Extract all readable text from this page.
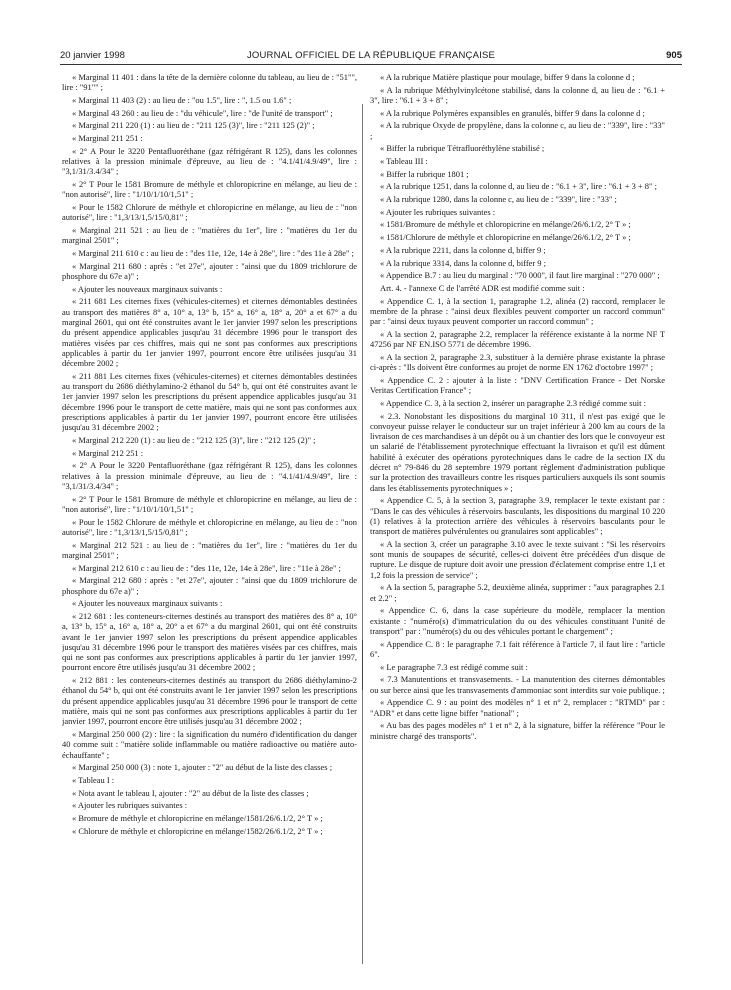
20 janvier 1998	JOURNAL OFFICIEL DE LA RÉPUBLIQUE FRANÇAISE	905

« Marginal 11 401 : dans la tête de la dernière colonne du tableau, au lieu de : "51"", lire : "91"" ;

« Marginal 11 403 (2) : au lieu de : "ou 1.5", lire : ", 1.5 ou 1.6" ;

« Marginal 43 260 : au lieu de : "du véhicule", lire : "de l'unité de transport" ;

« Marginal 211 220 (1) : au lieu de : "211 125 (3)", lire : "211 125 (2)" ;

« Marginal 211 251 :

« 2° A Pour le 3220 Pentafluoréthane (gaz réfrigérant R 125), dans les colonnes relatives à la pression minimale d'épreuve, au lieu de : "4.1/41/4.9/49", lire : "3,1/31/3.4/34" ;

« 2° T Pour le 1581 Bromure de méthyle et chloropicrine en mélange, au lieu de : "non autorisé", lire : "1/10/1/10/1,51" ;

« Pour le 1582 Chlorure de méthyle et chloropicrine en mélange, au lieu de : "non autorisé", lire : "1,3/13/1,5/15/0,81" ;

« Marginal 211 521 : au lieu de : "matières du 1er", lire : "matières du 1er du marginal 2501" ;

« Marginal 211 610 c : au lieu de : "des 11e, 12e, 14e à 28e", lire : "des 11e à 28e" ;

« Marginal 211 680 : après : "et 27e", ajouter : "ainsi que du 1809 trichlorure de phosphore du 67e a)" ;

« Ajouter les nouveaux marginaux suivants :

« 211 681 Les citernes fixes (véhicules-citernes) et citernes démontables destinées au transport des matières 8° a, 10° a, 13° b, 15° a, 16° a, 18° a, 20° a et 67° a du marginal 2601, qui ont été construites avant le 1er janvier 1997 selon les prescriptions du présent appendice applicables jusqu'au 31 décembre 1996 pour le transport des matières visées par ces chiffres, mais qui ne sont pas conformes aux prescriptions applicables à partir du 1er janvier 1997, pourront encore être utilisées jusqu'au 31 décembre 2002 ;

« 211 881 Les citernes fixes (véhicules-citernes) et citernes démontables destinées au transport du 2686 diéthylamino-2 éthanol du 54° b, qui ont été construites avant le 1er janvier 1997 selon les prescriptions du présent appendice applicables jusqu'au 31 décembre 1996 pour le transport de cette matière, mais qui ne sont pas conformes aux prescriptions applicables à partir du 1er janvier 1997, pourront encore être utilisées jusqu'au 31 décembre 2002 ;

« Marginal 212 220 (1) : au lieu de : "212 125 (3)", lire : "212 125 (2)" ;

« Marginal 212 251 :

« 2° A Pour le 3220 Pentafluoréthane (gaz réfrigérant R 125), dans les colonnes relatives à la pression minimale d'épreuve, au lieu de : "4.1/41/4.9/49", lire : "3,1/31/3.4/34" ;

« 2° T Pour le 1581 Bromure de méthyle et chloropicrine en mélange, au lieu de : "non autorisé", lire : "1/10/1/10/1,51" ;

« Pour le 1582 Chlorure de méthyle et chloropicrine en mélange, au lieu de : "non autorisé", lire : "1,3/13/1,5/15/0,81" ;

« Marginal 212 521 : au lieu de : "matières du 1er", lire : "matières du 1er du marginal 2501" ;

« Marginal 212 610 c : au lieu de : "des 11e, 12e, 14e à 28e", lire : "11e à 28e" ;

« Marginal 212 680 : après : "et 27e", ajouter : "ainsi que du 1809 trichlorure de phosphore du 67e a)" ;

« Ajouter les nouveaux marginaux suivants :

« 212 681 : les conteneurs-citernes destinés au transport des matières des 8° a, 10° a, 13° b, 15° a, 16° a, 18° a, 20° a et 67° a du marginal 2601, qui ont été construits avant le 1er janvier 1997 selon les prescriptions du présent appendice applicables jusqu'au 31 décembre 1996 pour le transport des matières visées par ces chiffres, mais qui ne sont pas conformes aux prescriptions applicables à partir du 1er janvier 1997, pourront encore être utilisés jusqu'au 31 décembre 2002 ;

« 212 881 : les conteneurs-citernes destinés au transport du 2686 diéthylamino-2 éthanol du 54° b, qui ont été construits avant le 1er janvier 1997 selon les prescriptions du présent appendice applicables jusqu'au 31 décembre 1996 pour le transport de cette matière, mais qui ne sont pas conformes aux prescriptions applicables à partir du 1er janvier 1997, pourront encore être utilisés jusqu'au 31 décembre 2002 ;

« Marginal 250 000 (2) : lire : la signification du numéro d'identification du danger 40 comme suit : "matière solide inflammable ou matière radioactive ou matière auto-échauffante" ;

« Marginal 250 000 (3) : note 1, ajouter : "2" au début de la liste des classes ;

« Tableau I :

« Nota avant le tableau I, ajouter : "2" au début de la liste des classes ;

« Ajouter les rubriques suivantes :

« Bromure de méthyle et chloropicrine en mélange/1581/26/6.1/2, 2° T » ;

« Chlorure de méthyle et chloropicrine en mélange/1582/26/6.1/2, 2° T » ;

« A la rubrique Matière plastique pour moulage, biffer 9 dans la colonne d ;

« A la rubrique Méthylvinylcétone stabilisé, dans la colonne d, au lieu de : "6.1 + 3", lire : "6.1 + 3 + 8" ;

« A la rubrique Polymères expansibles en granulés, biffer 9 dans la colonne d ;

« A la rubrique Oxyde de propylène, dans la colonne c, au lieu de : "339", lire : "33" ;

« Biffer la rubrique Tétrafluoréthylène stabilisé ;

« Tableau III :

« Biffer la rubrique 1801 ;

« A la rubrique 1251, dans la colonne d, au lieu de : "6.1 + 3", lire : "6.1 + 3 + 8" ;

« A la rubrique 1280, dans la colonne c, au lieu de : "339", lire : "33" ;

« Ajouter les rubriques suivantes :

« 1581/Bromure de méthyle et chloropicrine en mélange/26/6.1/2, 2° T » ;

« 1581/Chlorure de méthyle et chloropicrine en mélange/26/6.1/2, 2° T » ;

« A la rubrique 2211, dans la colonne d, biffer 9 ;

« A la rubrique 3314, dans la colonne d, biffer 9 ;

« Appendice B.7 : au lieu du marginal : "70 000", il faut lire marginal : "270 000" ;

Art. 4. - l'annexe C de l'arrêté ADR est modifié comme suit :

« Appendice C. 1, à la section 1, paragraphe 1.2, alinéa (2) raccord, remplacer le membre de la phrase : "ainsi deux flexibles peuvent comporter un raccord commun" par : "ainsi deux tuyaux peuvent comporter un raccord commun" ;

« A la section 2, paragraphe 2.2, remplacer la référence existante à la norme NF T 47256 par NF EN.ISO 5771 de décembre 1996.

« A la section 2, paragraphe 2.3, substituer à la dernière phrase existante la phrase ci-après : "Ils doivent être conformes au projet de norme EN 1762 d'octobre 1997" ;

« Appendice C. 2 : ajouter à la liste : "DNV Certification France - Det Norske Veritas Certification France" ;

« Appendice C. 3, à la section 2, insérer un paragraphe 2.3 rédigé comme suit :

« 2.3. Nonobstant les dispositions du marginal 10 311, il n'est pas exigé que le convoyeur puisse relayer le conducteur sur un trajet inférieur à 200 km au cours de la livraison de ces marchandises à un dépôt ou à un chantier des lors que le convoyeur est un salarié de l'établissement pyrotechnique effectuant la livraison et qu'il est dûment habilité à exécuter des opérations pyrotechniques dans le cadre de la section IX du décret n° 79-846 du 28 septembre 1979 portant règlement d'administration publique sur la protection des travailleurs contre les risques particuliers auxquels ils sont soumis dans les établissements pyrotechniques » ;

« Appendice C. 5, à la section 3, paragraphe 3.9, remplacer le texte existant par : "Dans le cas des véhicules à réservoirs basculants, les dispositions du marginal 10 220 (1) relatives à la protection arrière des véhicules à réservoirs basculants pour le transport de matières pulvérulentes ou granulaires sont applicables" ;

« A la section 3, créer un paragraphe 3.10 avec le texte suivant : "Si les réservoirs sont munis de soupapes de sécurité, celles-ci doivent être précédées d'un disque de rupture. Le disque de rupture doit avoir une pression d'éclatement comprise entre 1,1 et 1,2 fois la pression de service" ;

« A la section 5, paragraphe 5.2, deuxième alinéa, supprimer : "aux paragraphes 2.1 et 2.2" ;

« Appendice C. 6, dans la case supérieure du modèle, remplacer la mention existante : "numéro(s) d'immatriculation du ou des véhicules constituant l'unité de transport" par : "numéro(s) du ou des véhicules portant le chargement" ;

« Appendice C. 8 : le paragraphe 7.1 fait référence à l'article 7, il faut lire : "article 6".

« Le paragraphe 7.3 est rédigé comme suit :

« 7.3 Manutentions et transvasements. - La manutention des citernes démontables ou sur berce ainsi que les transvasements d'ammoniac sont interdits sur voie publique. ;

« Appendice C. 9 : au point des modèles n° 1 et n° 2, remplacer : "RTMD" par : "ADR" et dans cette ligne biffer "national" ;

« Au bas des pages modèles n° 1 et n° 2, à la signature, biffer la référence "Pour le ministre chargé des transports".
